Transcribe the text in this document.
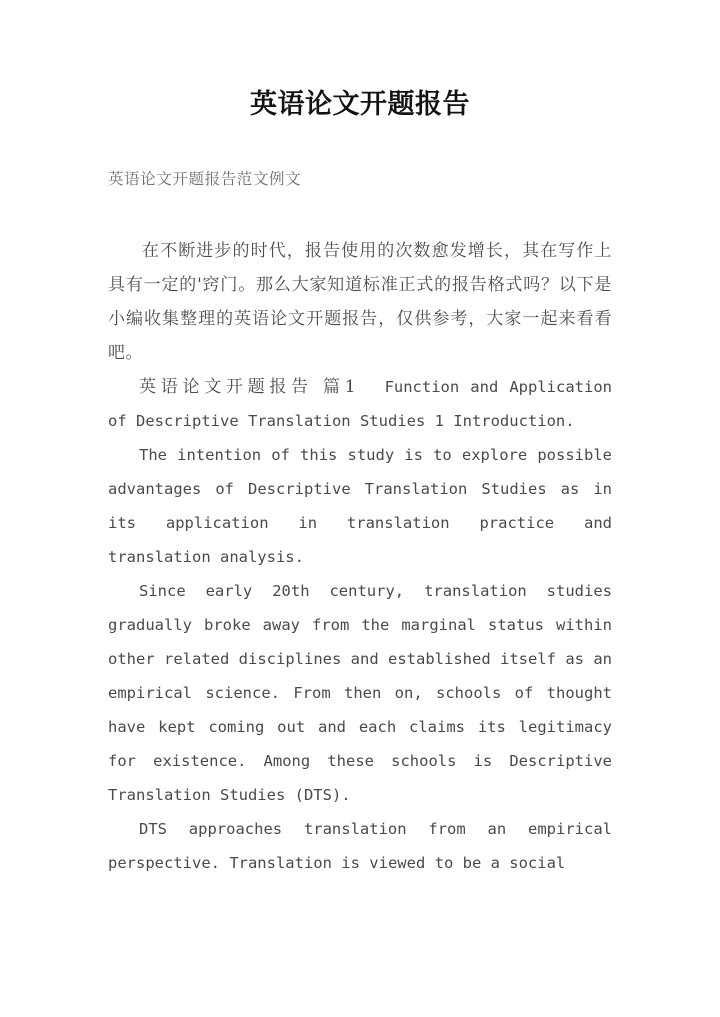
英语论文开题报告
英语论文开题报告范文例文

在不断进步的时代，报告使用的次数愈发增长，其在写作上具有一定的'窍门。那么大家知道标准正式的报告格式吗？以下是小编收集整理的英语论文开题报告，仅供参考，大家一起来看看吧。

英语论文开题报告 篇1 Function and Application of Descriptive Translation Studies 1 Introduction.

The intention of this study is to explore possible advantages of Descriptive Translation Studies as in its application in translation practice and translation analysis.

Since early 20th century, translation studies gradually broke away from the marginal status within other related disciplines and established itself as an empirical science. From then on, schools of thought have kept coming out and each claims its legitimacy for existence. Among these schools is Descriptive Translation Studies (DTS).

DTS approaches translation from an empirical perspective. Translation is viewed to be a social
